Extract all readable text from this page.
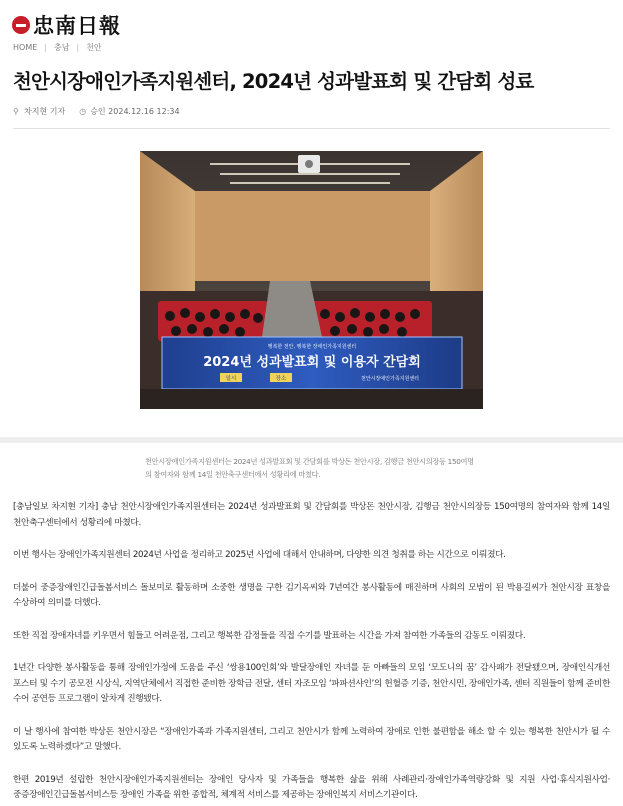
忠南日報
HOME | 충남 | 천안
천안시장애인가족지원센터, 2024년 성과발표회 및 간담회 성료
⚲ 차지현 기자 ◷ 승인 2024.12.16 12:34
행복한 천안, 행복한 장애인가족지원센터
2024년 성과발표회 및 이용자 간담회
일시	장소	천안시장애인가족지원센터

천안시장애인가족지원센터는 2024년 성과발표회 및 간담회를 박상돈 천안시장, 김행금 천안시의장등 150여명의 참여자와 함께 14일 천안축구센터에서 성황리에 마쳤다.

[충남일보 차지현 기자] 충남 천안시장애인가족지원센터는 2024년 성과발표회 및 간담회를 박상돈 천안시장, 김행금 천안시의장등 150여명의 참여자와 함께 14일 천안축구센터에서 성황리에 마쳤다.

이번 행사는 장애인가족지원센터 2024년 사업을 정리하고 2025년 사업에 대해서 안내하며, 다양한 의견 청취를 하는 시간으로 이뤄졌다.

더불어 중증장애인긴급돌봄서비스 돌보미로 활동하며 소중한 생명을 구한 김기옥씨와 7년여간 봉사활동에 매진하며 사회의 모범이 된 박용길씨가 천안시장 표창을 수상하여 의미를 더했다.

또한 직접 장애자녀를 키우면서 힘들고 어려운점, 그리고 행복한 감정들을 직접 수기를 발표하는 시간을 가져 참여한 가족들의 감동도 이뤄졌다.

1년간 다양한 봉사활동을 통해 장애인가정에 도움을 주신 ‘쌍용100인회’와 발달장애인 자녀를 둔 아빠들의 모임 ‘모도니의 꿈’ 감사패가 전달됐으며, 장애인식개선 포스터 및 수기 공모전 시상식, 지역단체에서 직접한 준비한 장학금 전달, 센터 자조모임 ‘파파션샤인’의 헌혈증 기증, 천안시민, 장애인가족, 센터 직원들이 함께 준비한 수어 공연등 프로그램이 알차게 진행됐다.

이 날 행사에 참여한 박상돈 천안시장은 “장애인가족과 가족지원센터, 그리고 천안시가 함께 노력하여 장애로 인한 불편함을 해소 할 수 있는 행복한 천안시가 될 수 있도록 노력하겠다”고 말했다.

한편 2019년 설립한 천안시장애인가족지원센터는 장애인 당사자 및 가족들을 행복한 삶을 위해 사례관리·장애인가족역량강화 및 지원 사업·휴식지원사업·중증장애인긴급돌봄서비스등 장애인 가족을 위한 종합적, 체계적 서비스를 제공하는 장애인복지 서비스기관이다.
